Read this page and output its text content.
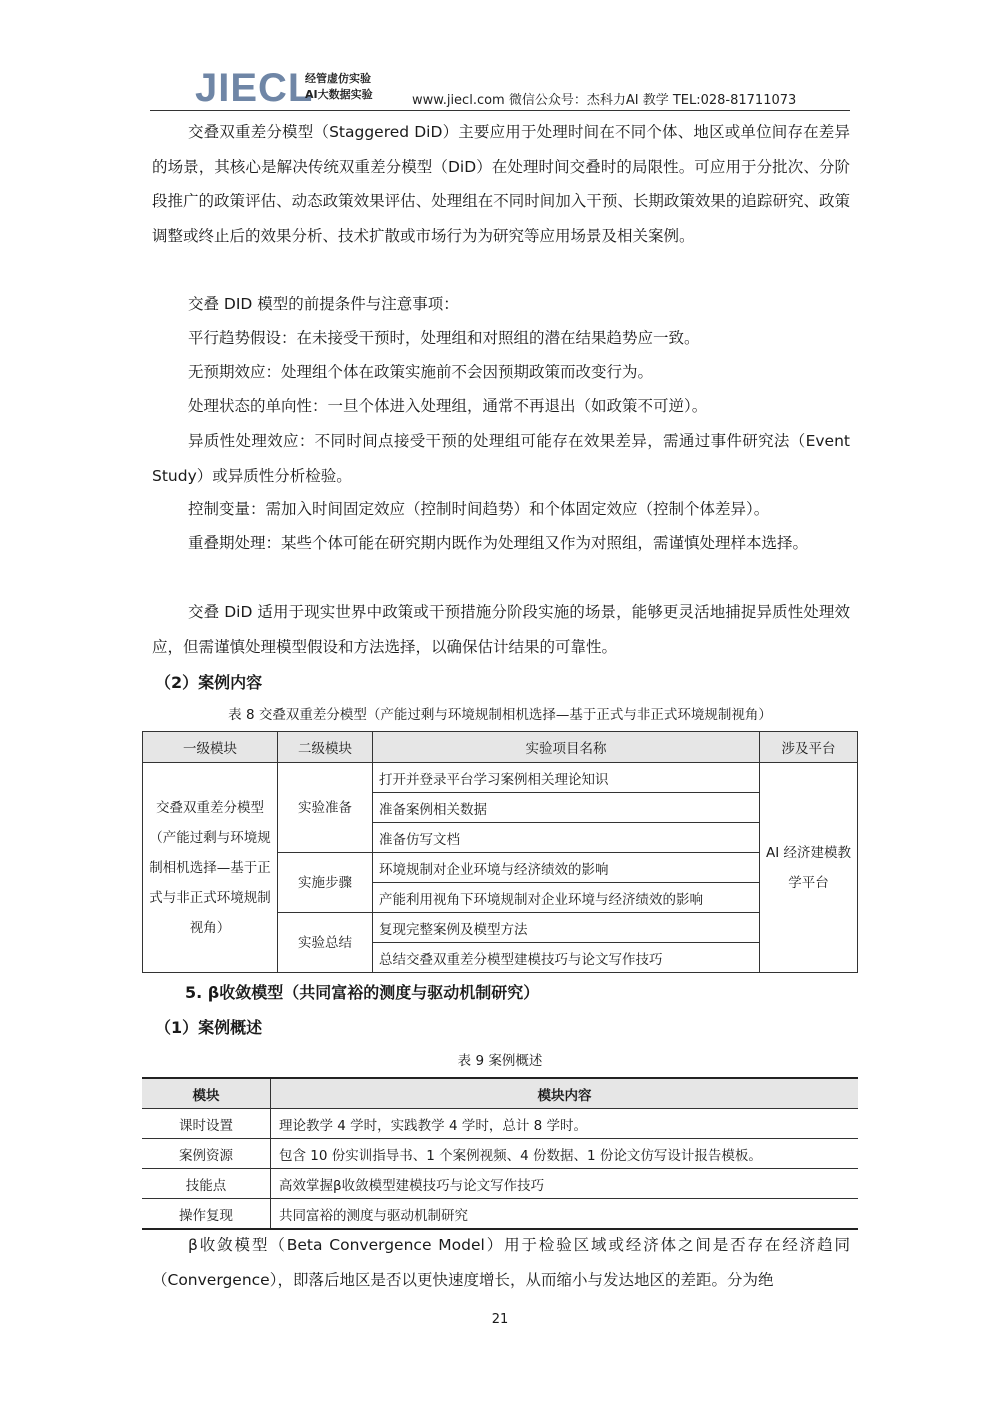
JIECL
经管虚仿实验
AI大数据实验	www.jiecl.com 微信公众号：杰科力AI 教学 TEL:028-81711073
交叠双重差分模型（Staggered DiD）主要应用于处理时间在不同个体、地区或单位间存在差异的场景，其核心是解决传统双重差分模型（DiD）在处理时间交叠时的局限性。可应用于分批次、分阶段推广的政策评估、动态政策效果评估、处理组在不同时间加入干预、长期政策效果的追踪研究、政策调整或终止后的效果分析、技术扩散或市场行为为研究等应用场景及相关案例。
交叠 DID 模型的前提条件与注意事项：
平行趋势假设：在未接受干预时，处理组和对照组的潜在结果趋势应一致。
无预期效应：处理组个体在政策实施前不会因预期政策而改变行为。
处理状态的单向性：一旦个体进入处理组，通常不再退出（如政策不可逆）。
异质性处理效应：不同时间点接受干预的处理组可能存在效果差异，需通过事件研究法（Event Study）或异质性分析检验。
控制变量：需加入时间固定效应（控制时间趋势）和个体固定效应（控制个体差异）。
重叠期处理：某些个体可能在研究期内既作为处理组又作为对照组，需谨慎处理样本选择。
交叠 DiD 适用于现实世界中政策或干预措施分阶段实施的场景，能够更灵活地捕捉异质性处理效应，但需谨慎处理模型假设和方法选择，以确保估计结果的可靠性。
（2）案例内容
表 8 交叠双重差分模型（产能过剩与环境规制相机选择—基于正式与非正式环境规制视角）
一级模块	二级模块	实验项目名称	涉及平台
交叠双重差分模型（产能过剩与环境规制相机选择—基于正式与非正式环境规制视角）	实验准备	打开并登录平台学习案例相关理论知识	AI 经济建模教学平台
		准备案例相关数据	
		准备仿写文档	
	实施步骤	环境规制对企业环境与经济绩效的影响	
		产能利用视角下环境规制对企业环境与经济绩效的影响	
	实验总结	复现完整案例及模型方法	
		总结交叠双重差分模型建模技巧与论文写作技巧	
5. β收敛模型（共同富裕的测度与驱动机制研究）
（1）案例概述
表 9 案例概述
模块	模块内容
课时设置	理论教学 4 学时，实践教学 4 学时，总计 8 学时。
案例资源	包含 10 份实训指导书、1 个案例视频、4 份数据、1 份论文仿写设计报告模板。
技能点	高效掌握β收敛模型建模技巧与论文写作技巧
操作复现	共同富裕的测度与驱动机制研究
β收敛模型（Beta Convergence Model）用于检验区域或经济体之间是否存在经济趋同（Convergence），即落后地区是否以更快速度增长，从而缩小与发达地区的差距。分为绝
21
